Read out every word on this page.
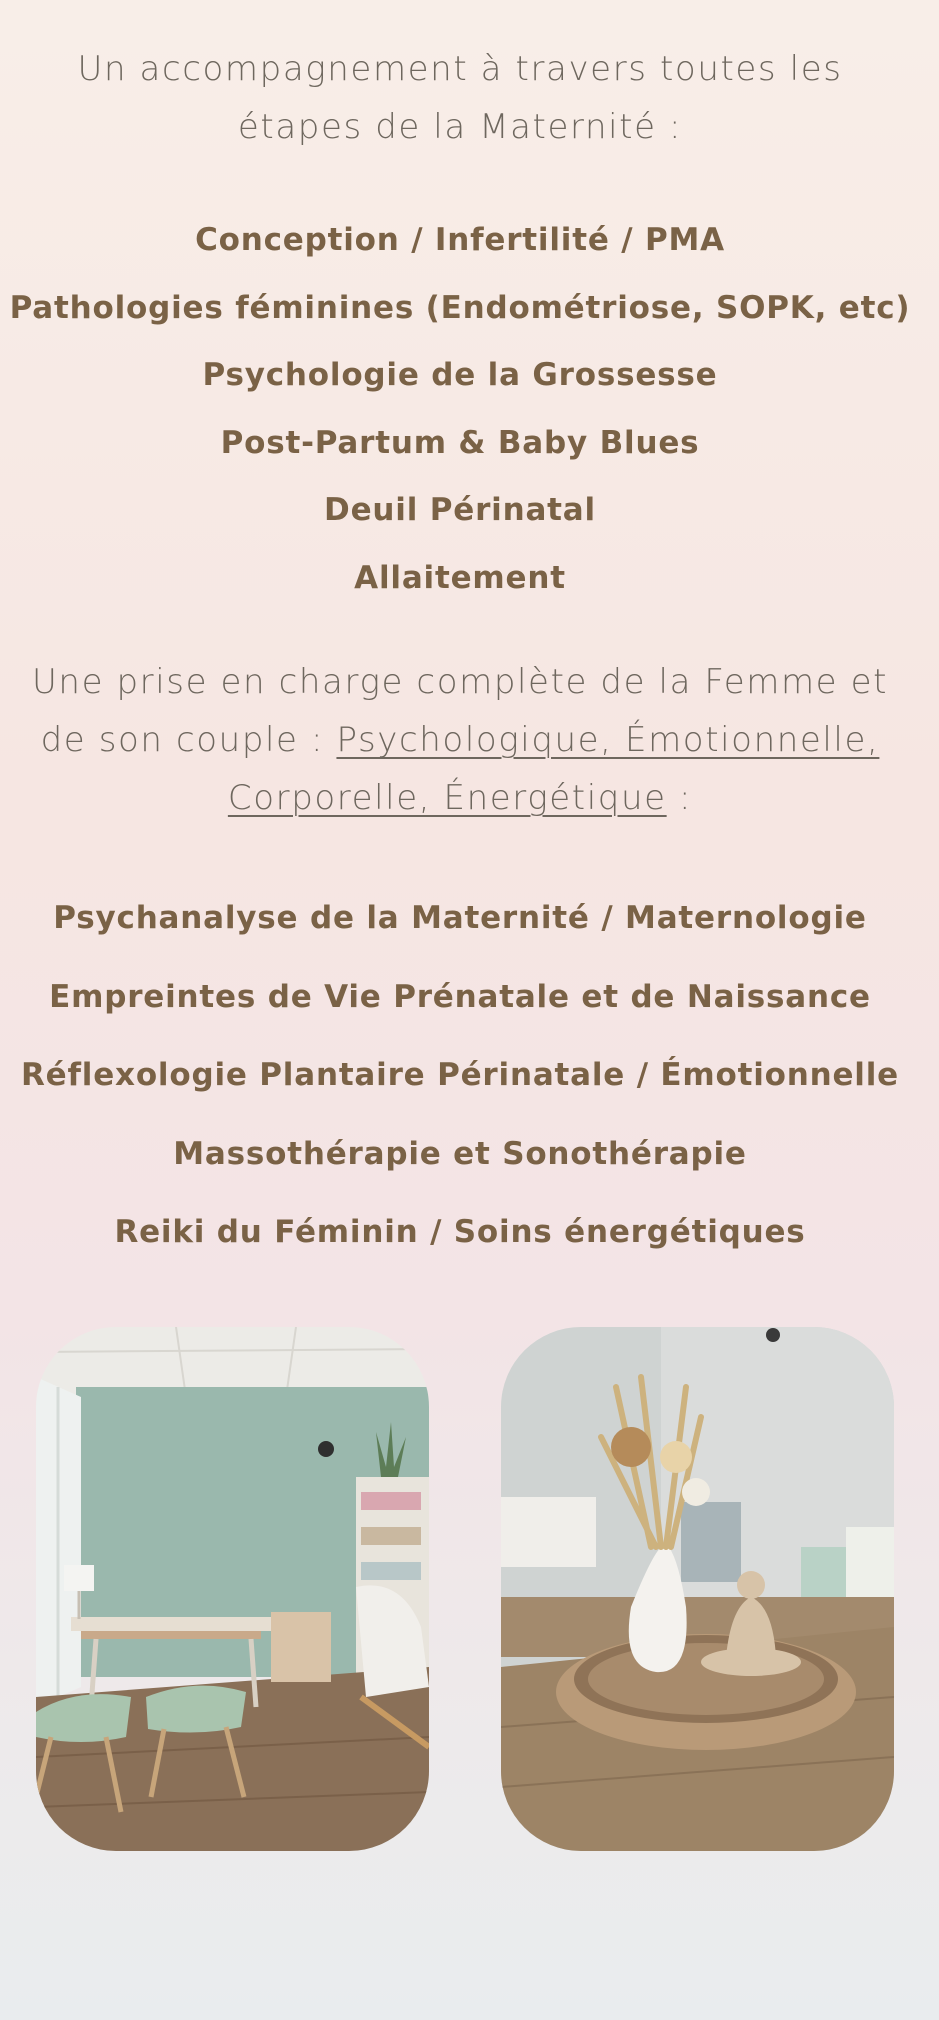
Un accompagnement à travers toutes les
étapes de la Maternité :
Conception / Infertilité / PMA
Pathologies féminines (Endométriose, SOPK, etc)
Psychologie de la Grossesse
Post-Partum & Baby Blues
Deuil Périnatal
Allaitement
Une prise en charge complète de la Femme et
de son couple : Psychologique, Émotionnelle,
Corporelle, Énergétique :
Psychanalyse de la Maternité / Maternologie
Empreintes de Vie Prénatale et de Naissance
Réflexologie Plantaire Périnatale / Émotionnelle
Massothérapie et Sonothérapie
Reiki du Féminin / Soins énergétiques
